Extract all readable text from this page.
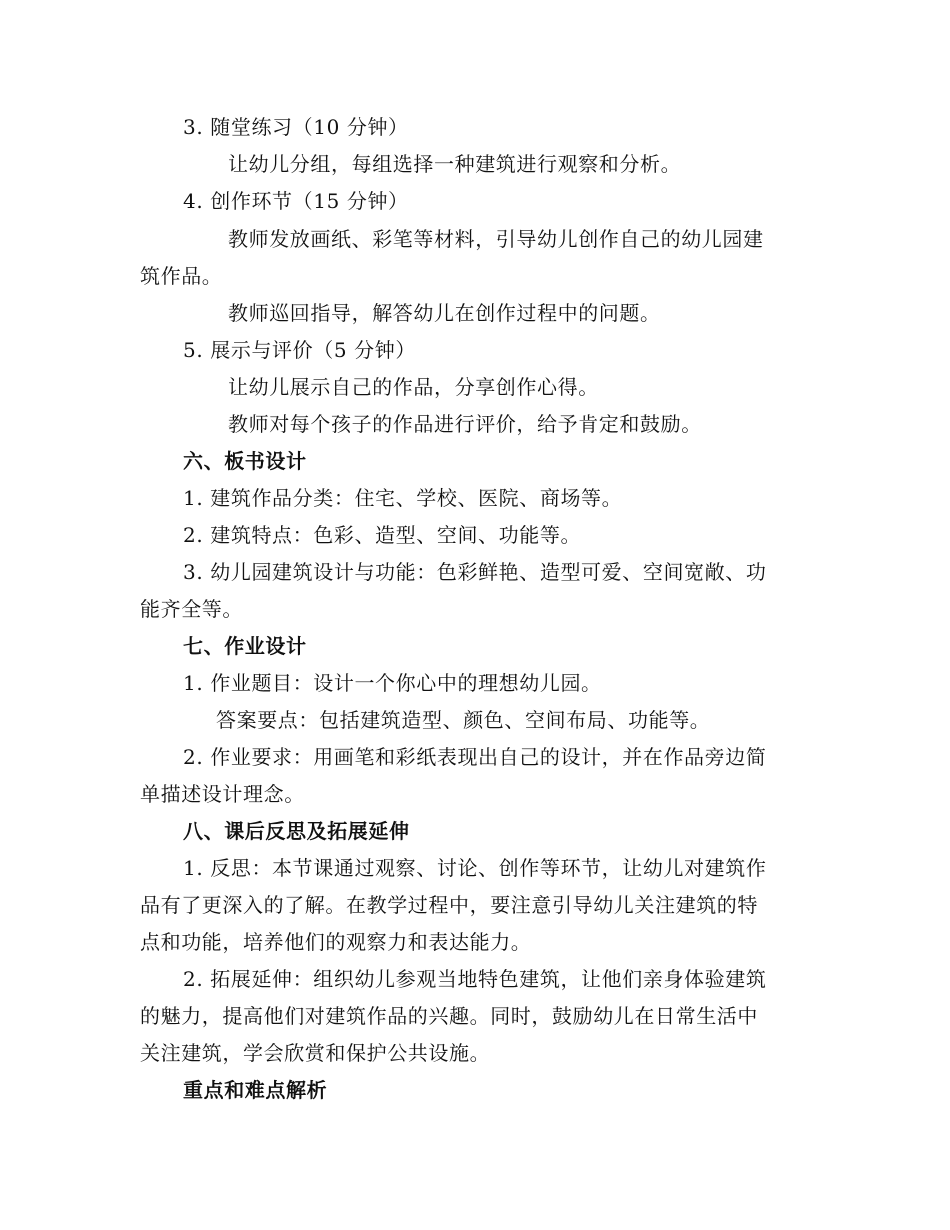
3. 随堂练习（10 分钟）
让幼儿分组，每组选择一种建筑进行观察和分析。
4. 创作环节（15 分钟）
教师发放画纸、彩笔等材料，引导幼儿创作自己的幼儿园建
筑作品。
教师巡回指导，解答幼儿在创作过程中的问题。
5. 展示与评价（5 分钟）
让幼儿展示自己的作品，分享创作心得。
教师对每个孩子的作品进行评价，给予肯定和鼓励。
六、板书设计
1. 建筑作品分类：住宅、学校、医院、商场等。
2. 建筑特点：色彩、造型、空间、功能等。
3. 幼儿园建筑设计与功能：色彩鲜艳、造型可爱、空间宽敞、功
能齐全等。
七、作业设计
1. 作业题目：设计一个你心中的理想幼儿园。
答案要点：包括建筑造型、颜色、空间布局、功能等。
2. 作业要求：用画笔和彩纸表现出自己的设计，并在作品旁边简
单描述设计理念。
八、课后反思及拓展延伸
1. 反思：本节课通过观察、讨论、创作等环节，让幼儿对建筑作
品有了更深入的了解。在教学过程中，要注意引导幼儿关注建筑的特
点和功能，培养他们的观察力和表达能力。
2. 拓展延伸：组织幼儿参观当地特色建筑，让他们亲身体验建筑
的魅力，提高他们对建筑作品的兴趣。同时，鼓励幼儿在日常生活中
关注建筑，学会欣赏和保护公共设施。
重点和难点解析
